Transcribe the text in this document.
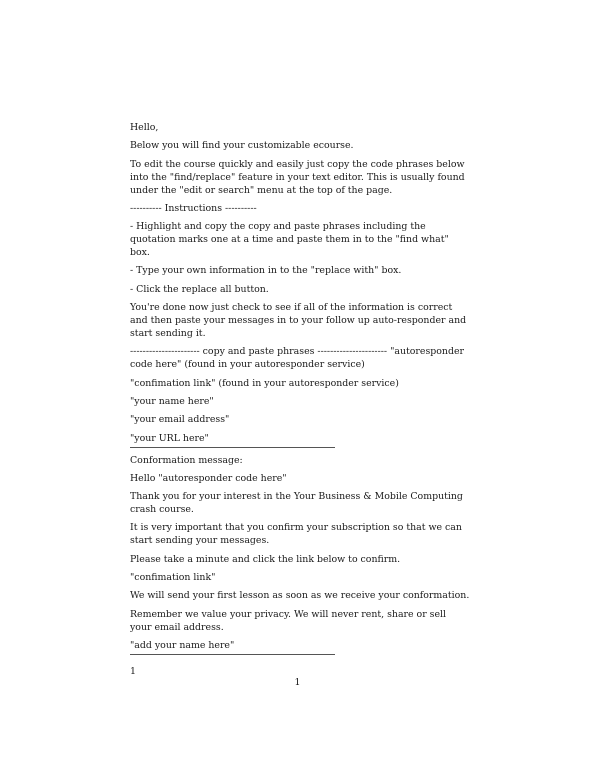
Hello,

Below you will find your customizable ecourse.

To edit the course quickly and easily just copy the code phrases below into the "find/replace" feature in your text editor. This is usually found under the "edit or search" menu at the top of the page.

---------- Instructions ----------

- Highlight and copy the copy and paste phrases including the quotation marks one at a time and paste them in to the "find what" box.

- Type your own information in to the "replace with" box.

- Click the replace all button.

You're done now just check to see if all of the information is correct and then paste your messages in to your follow up auto-responder and start sending it.

---------------------- copy and paste phrases ---------------------- "autoresponder code here" (found in your autoresponder service)

"confimation link" (found in your autoresponder service)

"your name here"

"your email address"

"your URL here"

Conformation message:

Hello "autoresponder code here"

Thank you for your interest in the Your Business & Mobile Computing crash course.

It is very important that you confirm your subscription so that we can start sending your messages.

Please take a minute and click the link below to confirm.

"confimation link"

We will send your first lesson as soon as we receive your conformation.

Remember we value your privacy. We will never rent, share or sell your email address.

"add your name here"

1

1
